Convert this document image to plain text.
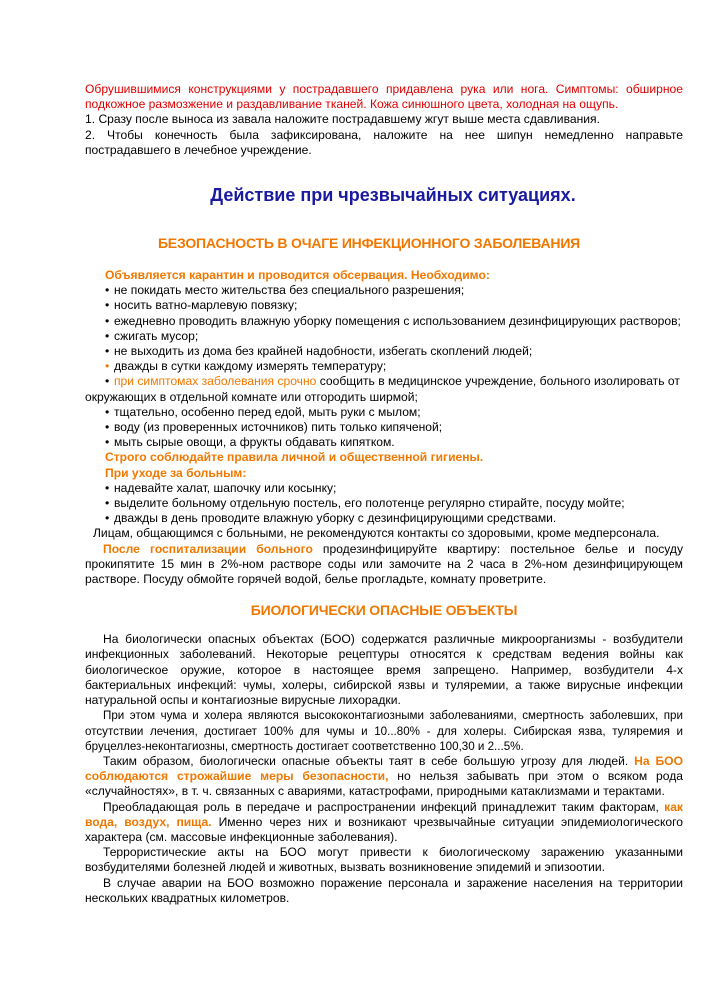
Обрушившимися конструкциями у пострадавшего придавлена рука или нога. Симптомы: обширное подкожное размозжение и раздавливание тканей. Кожа синюшного цвета, холодная на ощупь.

1. Сразу после выноса из завала наложите пострадавшему жгут выше места сдавливания.

2. Чтобы конечность была зафиксирована, наложите на нее шипун немедленно направьте пострадавшего в лечебное учреждение.

Действие при чрезвычайных ситуациях.
БЕЗОПАСНОСТЬ В ОЧАГЕ ИНФЕКЦИОННОГО ЗАБОЛЕВАНИЯ

Объявляется карантин и проводится обсервация. Необходимо:

• не покидать место жительства без специального разрешения;

• носить ватно-марлевую повязку;

• ежедневно проводить влажную уборку помещения с использованием дезинфицирующих растворов;

• сжигать мусор;

• не выходить из дома без крайней надобности, избегать скоплений людей;

• дважды в сутки каждому измерять температуру;

• при симптомах заболевания срочно сообщить в медицинское учреждение, больного изолировать от окружающих в отдельной комнате или отгородить ширмой;

• тщательно, особенно перед едой, мыть руки с мылом;

• воду (из проверенных источников) пить только кипяченой;

• мыть сырые овощи, а фрукты обдавать кипятком.

Строго соблюдайте правила личной и общественной гигиены.

При уходе за больным:

• надевайте халат, шапочку или косынку;

• выделите больному отдельную постель, его полотенце регулярно стирайте, посуду мойте;

• дважды в день проводите влажную уборку с дезинфицирующими средствами.

Лицам, общающимся с больными, не рекомендуются контакты со здоровыми, кроме медперсонала.

После госпитализации больного продезинфицируйте квартиру: постельное белье и посуду прокипятите 15 мин в 2%-ном растворе соды или замочите на 2 часа в 2%-ном дезинфицирующем растворе. Посуду обмойте горячей водой, белье прогладьте, комнату проветрите.

БИОЛОГИЧЕСКИ ОПАСНЫЕ ОБЪЕКТЫ

На биологически опасных объектах (БОО) содержатся различные микроорганизмы - возбудители инфекционных заболеваний. Некоторые рецептуры относятся к средствам ведения войны как биологическое оружие, которое в настоящее время запрещено. Например, возбудители 4-х бактериальных инфекций: чумы, холеры, сибирской язвы и туляремии, а также вирусные инфекции натуральной оспы и контагиозные вирусные лихорадки.

При этом чума и холера являются высококонтагиозными заболеваниями, смертность заболевших, при отсутствии лечения, достигает 100% для чумы и 10...80% - для холеры. Сибирская язва, туляремия и бруцеллез-неконтагиозны, смертность достигает соответственно 100,30 и 2...5%.

Таким образом, биологически опасные объекты таят в себе большую угрозу для людей. На БОО соблюдаются строжайшие меры безопасности, но нельзя забывать при этом о всяком рода «случайностях», в т. ч. связанных с авариями, катастрофами, природными катаклизмами и терактами.

Преобладающая роль в передаче и распространении инфекций принадлежит таким факторам, как вода, воздух, пища. Именно через них и возникают чрезвычайные ситуации эпидемиологического характера (см. массовые инфекционные заболевания).

Террористические акты на БОО могут привести к биологическому заражению указанными возбудителями болезней людей и животных, вызвать возникновение эпидемий и эпизоотии.

В случае аварии на БОО возможно поражение персонала и заражение населения на территории нескольких квадратных километров.
